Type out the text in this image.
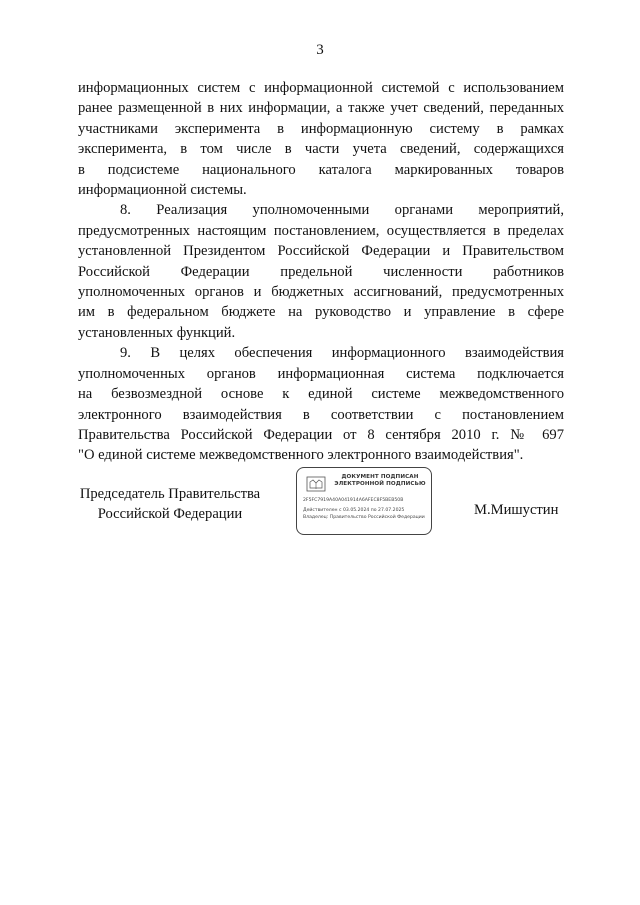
3

информационных систем с информационной системой с использованием
ранее размещенной в них информации, а также учет сведений, переданных
участниками эксперимента в информационную систему в рамках
эксперимента, в том числе в части учета сведений, содержащихся
в подсистеме национального каталога маркированных товаров
информационной системы.

8. Реализация уполномоченными органами мероприятий,
предусмотренных настоящим постановлением, осуществляется в пределах
установленной Президентом Российской Федерации и Правительством
Российской Федерации предельной численности работников
уполномоченных органов и бюджетных ассигнований, предусмотренных
им в федеральном бюджете на руководство и управление в сфере
установленных функций.

9. В целях обеспечения информационного взаимодействия
уполномоченных органов информационная система подключается
на безвозмездной основе к единой системе межведомственного
электронного взаимодействия в соответствии с постановлением
Правительства Российской Федерации от 8 сентября 2010 г. № 697
"О единой системе межведомственного электронного взаимодействия".

Председатель Правительства
Российской Федерации
ДОКУМЕНТ ПОДПИСАН
ЭЛЕКТРОННОЙ ПОДПИСЬЮ
2F5FC7919A40A041914A6AFEC8F5BEB50B
Действителен с 03.05.2024 по 27.07.2025
Владелец: Правительство Российской Федерации	М.Мишустин
